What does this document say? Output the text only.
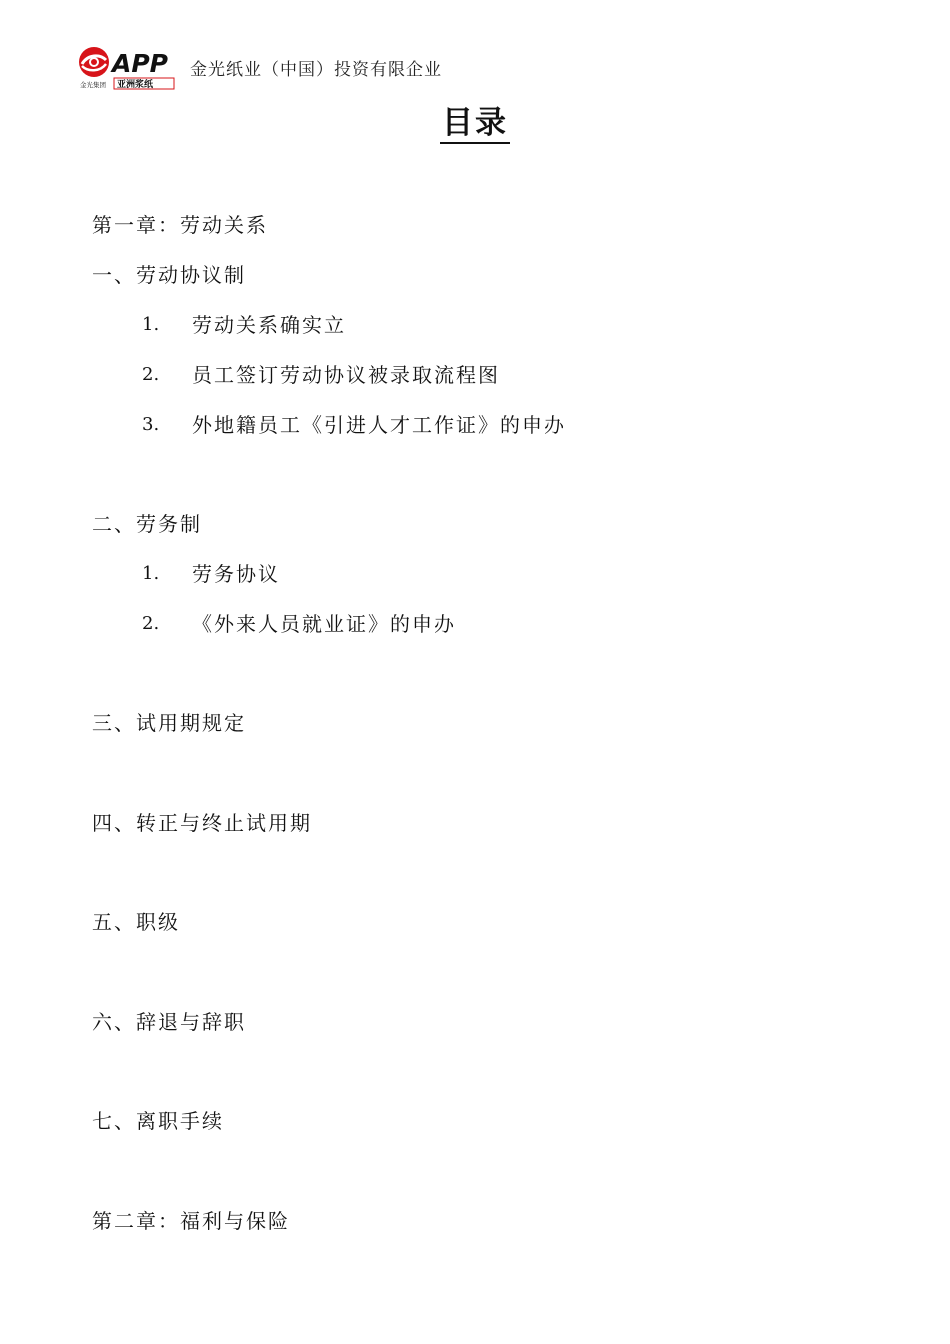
APP
金光集团 亚洲浆纸
金光纸业（中国）投资有限企业
目录
第一章：劳动关系
一、劳动协议制
1. 劳动关系确实立
2. 员工签订劳动协议被录取流程图
3. 外地籍员工《引进人才工作证》的申办
二、劳务制
1. 劳务协议
2. 《外来人员就业证》的申办
三、试用期规定
四、转正与终止试用期
五、职级
六、辞退与辞职
七、离职手续
第二章：福利与保险
